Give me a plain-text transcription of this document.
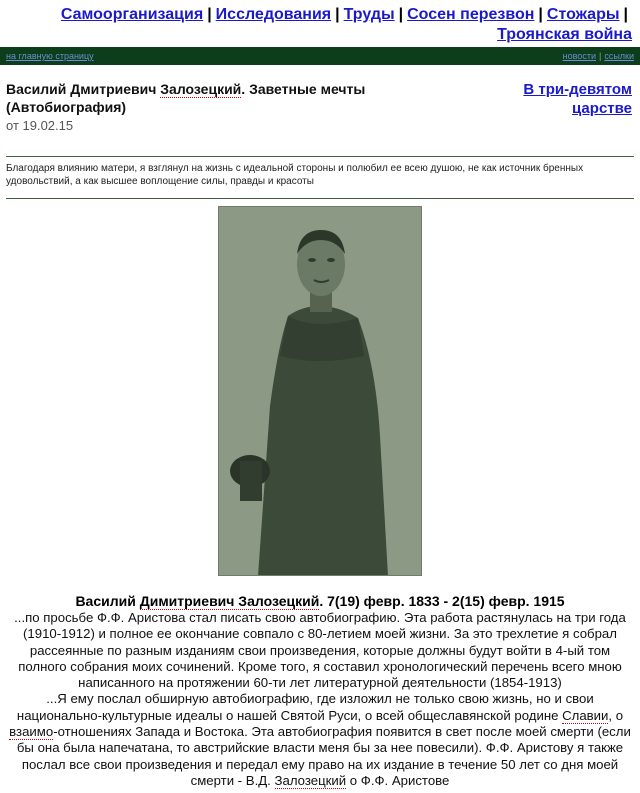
Самоорганизация | Исследования | Труды | Сосен перезвон | Стожары |Троянская война
на главную страницу	новости | ссылки
Василий Дмитриевич Залозецкий. Заветные мечты (Автобиография)
от 19.02.15
В три-девятом царстве
Благодаря влиянию матери, я взглянул на жизнь с идеальной стороны и полюбил ее всею душою, не как источник бренных удовольствий, а как высшее воплощение силы, правды и красоты
Василий Димитриевич Залозецкий. 7(19) февр. 1833 - 2(15) февр. 1915

...по просьбе Ф.Ф. Аристова стал писать свою автобиографию. Эта работа растянулась на три года (1910-1912) и полное ее окончание совпало с 80-летием моей жизни. За это трехлетие я собрал рассеянные по разным изданиям свои произведения, которые должны будут войти в 4-ый том полного собрания моих сочинений. Кроме того, я составил хронологический перечень всего мною написанного на протяжении 60-ти лет литературной деятельности (1854-1913)

...Я ему послал обширную автобиографию, где изложил не только свою жизнь, но и свои национально-культурные идеалы о нашей Святой Руси, о всей общеславянской родине Славии, о взаимо-отношениях Запада и Востока. Эта автобиография появится в свет после моей смерти (если бы она была напечатана, то австрийские власти меня бы за нее повесили). Ф.Ф. Аристову я также послал все свои произведения и передал ему право на их издание в течение 50 лет со дня моей смерти - В.Д. Залозецкий о Ф.Ф. Аристове
